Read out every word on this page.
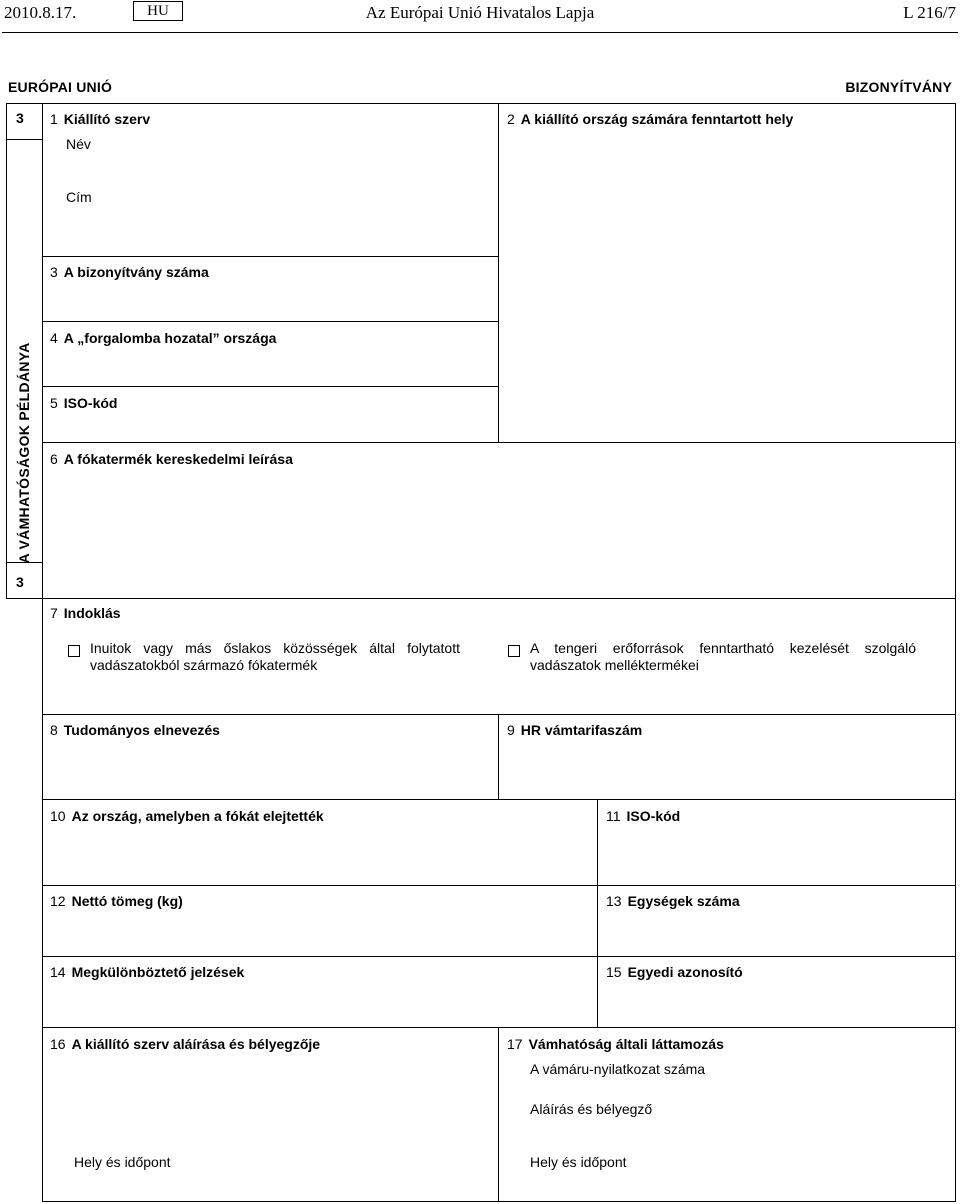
2010.8.17.	HU	Az Európai Unió Hivatalos Lapja	L 216/7
EURÓPAI UNIÓ	BIZONYÍTVÁNY
3
3
A VÁMHATÓSÁGOK PÉLDÁNYA
1 Kiállító szerv
Név
Cím
2 A kiállító ország számára fenntartott hely
3 A bizonyítvány száma
4 A „forgalomba hozatal” országa
5 ISO-kód
6 A fókatermék kereskedelmi leírása
7 Indoklás
Inuitok vagy más őslakos közösségek által folytatott vadászatokból származó fókatermék
A tengeri erőforrások fenntartható kezelését szolgáló vadászatok melléktermékei
8 Tudományos elnevezés	9 HR vámtarifaszám
10 Az ország, amelyben a fókát elejtették	11 ISO-kód
12 Nettó tömeg (kg)	13 Egységek száma
14 Megkülönböztető jelzések	15 Egyedi azonosító
16 A kiállító szerv aláírása és bélyegzője
Hely és időpont
17 Vámhatóság általi láttamozás
A vámáru-nyilatkozat száma
Aláírás és bélyegző
Hely és időpont
